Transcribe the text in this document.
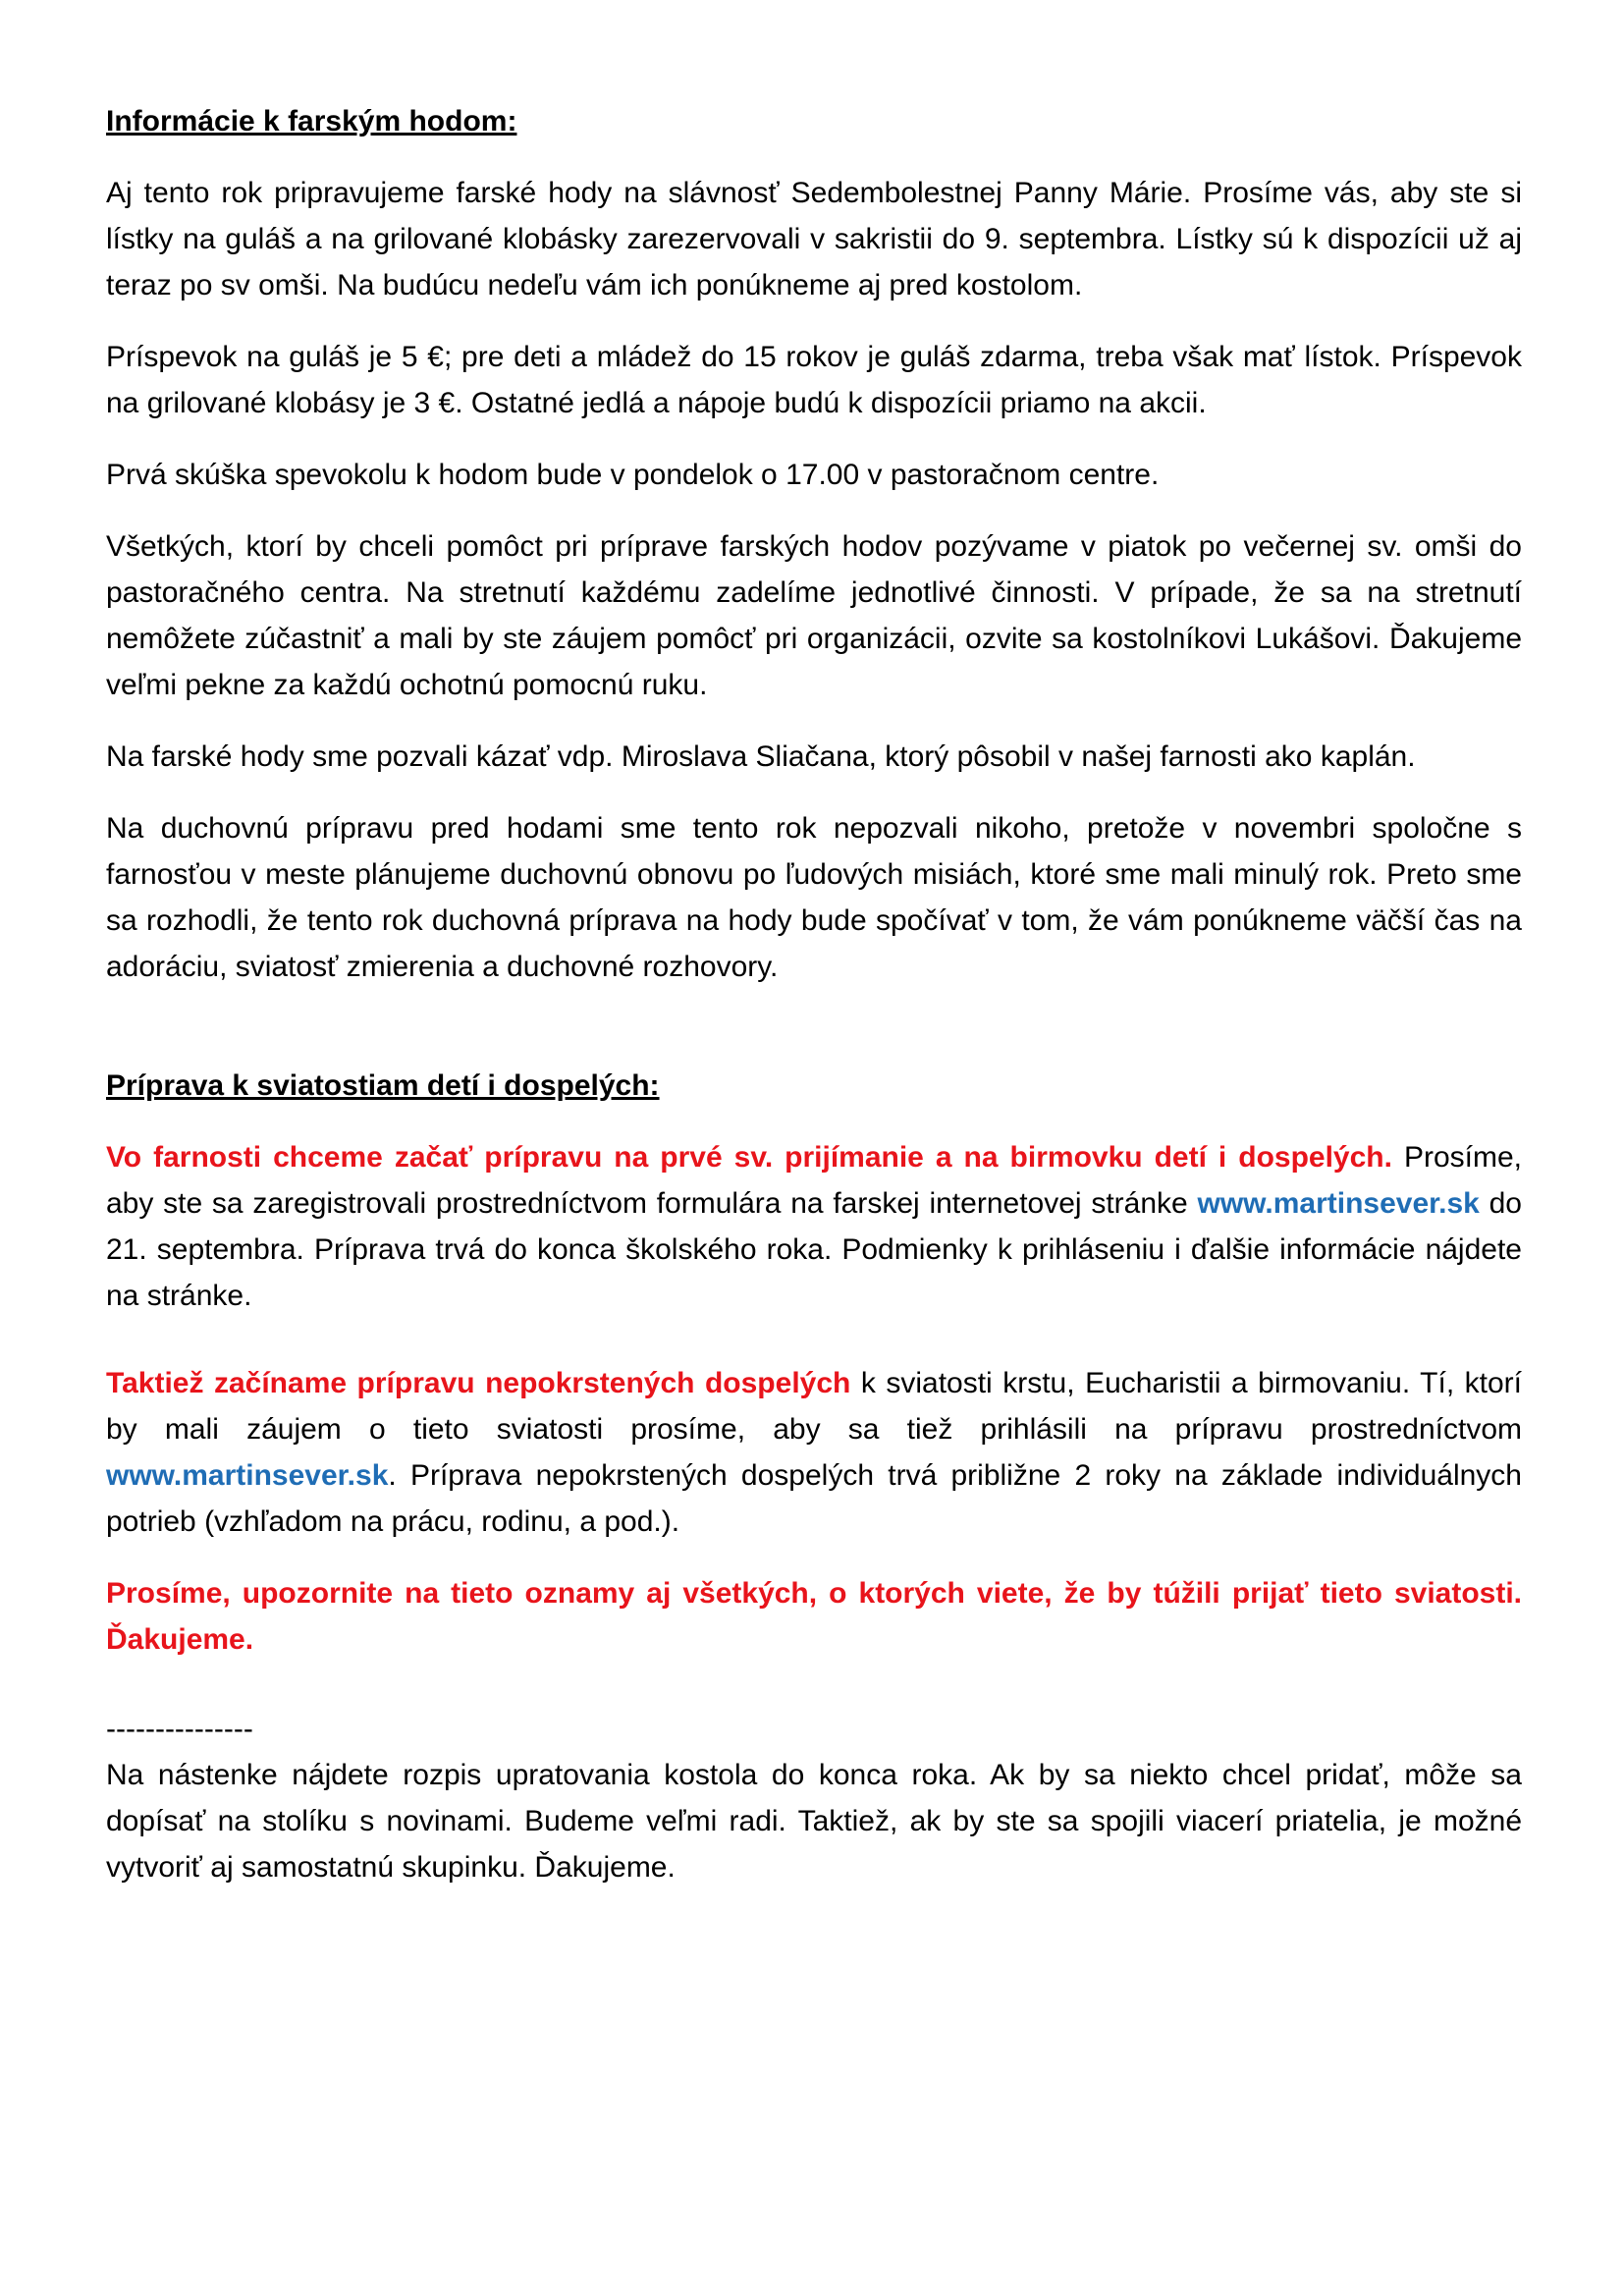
Informácie k farským hodom:
Aj tento rok pripravujeme farské hody na slávnosť Sedembolestnej Panny Márie. Prosíme vás, aby ste si lístky na guláš a na grilované klobásky zarezervovali v sakristii do 9. septembra. Lístky sú k dispozícii už aj teraz po sv omši. Na budúcu nedeľu vám ich ponúkneme aj pred kostolom.
Príspevok na guláš je 5 €; pre deti a mládež do 15 rokov je guláš zdarma, treba však mať lístok. Príspevok na grilované klobásy je 3 €. Ostatné jedlá a nápoje budú k dispozícii priamo na akcii.
Prvá skúška spevokolu k hodom bude v pondelok o 17.00 v pastoračnom centre.
Všetkých, ktorí by chceli pomôct pri príprave farských hodov pozývame v piatok po večernej sv. omši do pastoračného centra. Na stretnutí každému zadelíme jednotlivé činnosti. V prípade, že sa na stretnutí nemôžete zúčastniť a mali by ste záujem pomôcť pri organizácii, ozvite sa kostolníkovi Lukášovi. Ďakujeme veľmi pekne za každú ochotnú pomocnú ruku.
Na farské hody sme pozvali kázať vdp. Miroslava Sliačana, ktorý pôsobil v našej farnosti ako kaplán.
Na duchovnú prípravu pred hodami sme tento rok nepozvali nikoho, pretože v novembri spoločne s farnosťou v meste plánujeme duchovnú obnovu po ľudových misiách, ktoré sme mali minulý rok. Preto sme sa rozhodli, že tento rok duchovná príprava na hody bude spočívať v tom, že vám ponúkneme väčší čas na adoráciu, sviatosť zmierenia a duchovné rozhovory.
Príprava k sviatostiam detí i dospelých:
Vo farnosti chceme začať prípravu na prvé sv. prijímanie a na birmovku detí i dospelých. Prosíme, aby ste sa zaregistrovali prostredníctvom formulára na farskej internetovej stránke www.martinsever.sk do 21. septembra. Príprava trvá do konca školského roka. Podmienky k prihláseniu i ďalšie informácie nájdete na stránke.
Taktiež začíname prípravu nepokrstených dospelých k sviatosti krstu, Eucharistii a birmovaniu. Tí, ktorí by mali záujem o tieto sviatosti prosíme, aby sa tiež prihlásili na prípravu prostredníctvom www.martinsever.sk. Príprava nepokrstených dospelých trvá približne 2 roky na základe individuálnych potrieb (vzhľadom na prácu, rodinu, a pod.).
Prosíme, upozornite na tieto oznamy aj všetkých, o ktorých viete, že by túžili prijať tieto sviatosti. Ďakujeme.
---------------
Na nástenke nájdete rozpis upratovania kostola do konca roka. Ak by sa niekto chcel pridať, môže sa dopísať na stolíku s novinami. Budeme veľmi radi. Taktiež, ak by ste sa spojili viacerí priatelia, je možné vytvoriť aj samostatnú skupinku. Ďakujeme.
